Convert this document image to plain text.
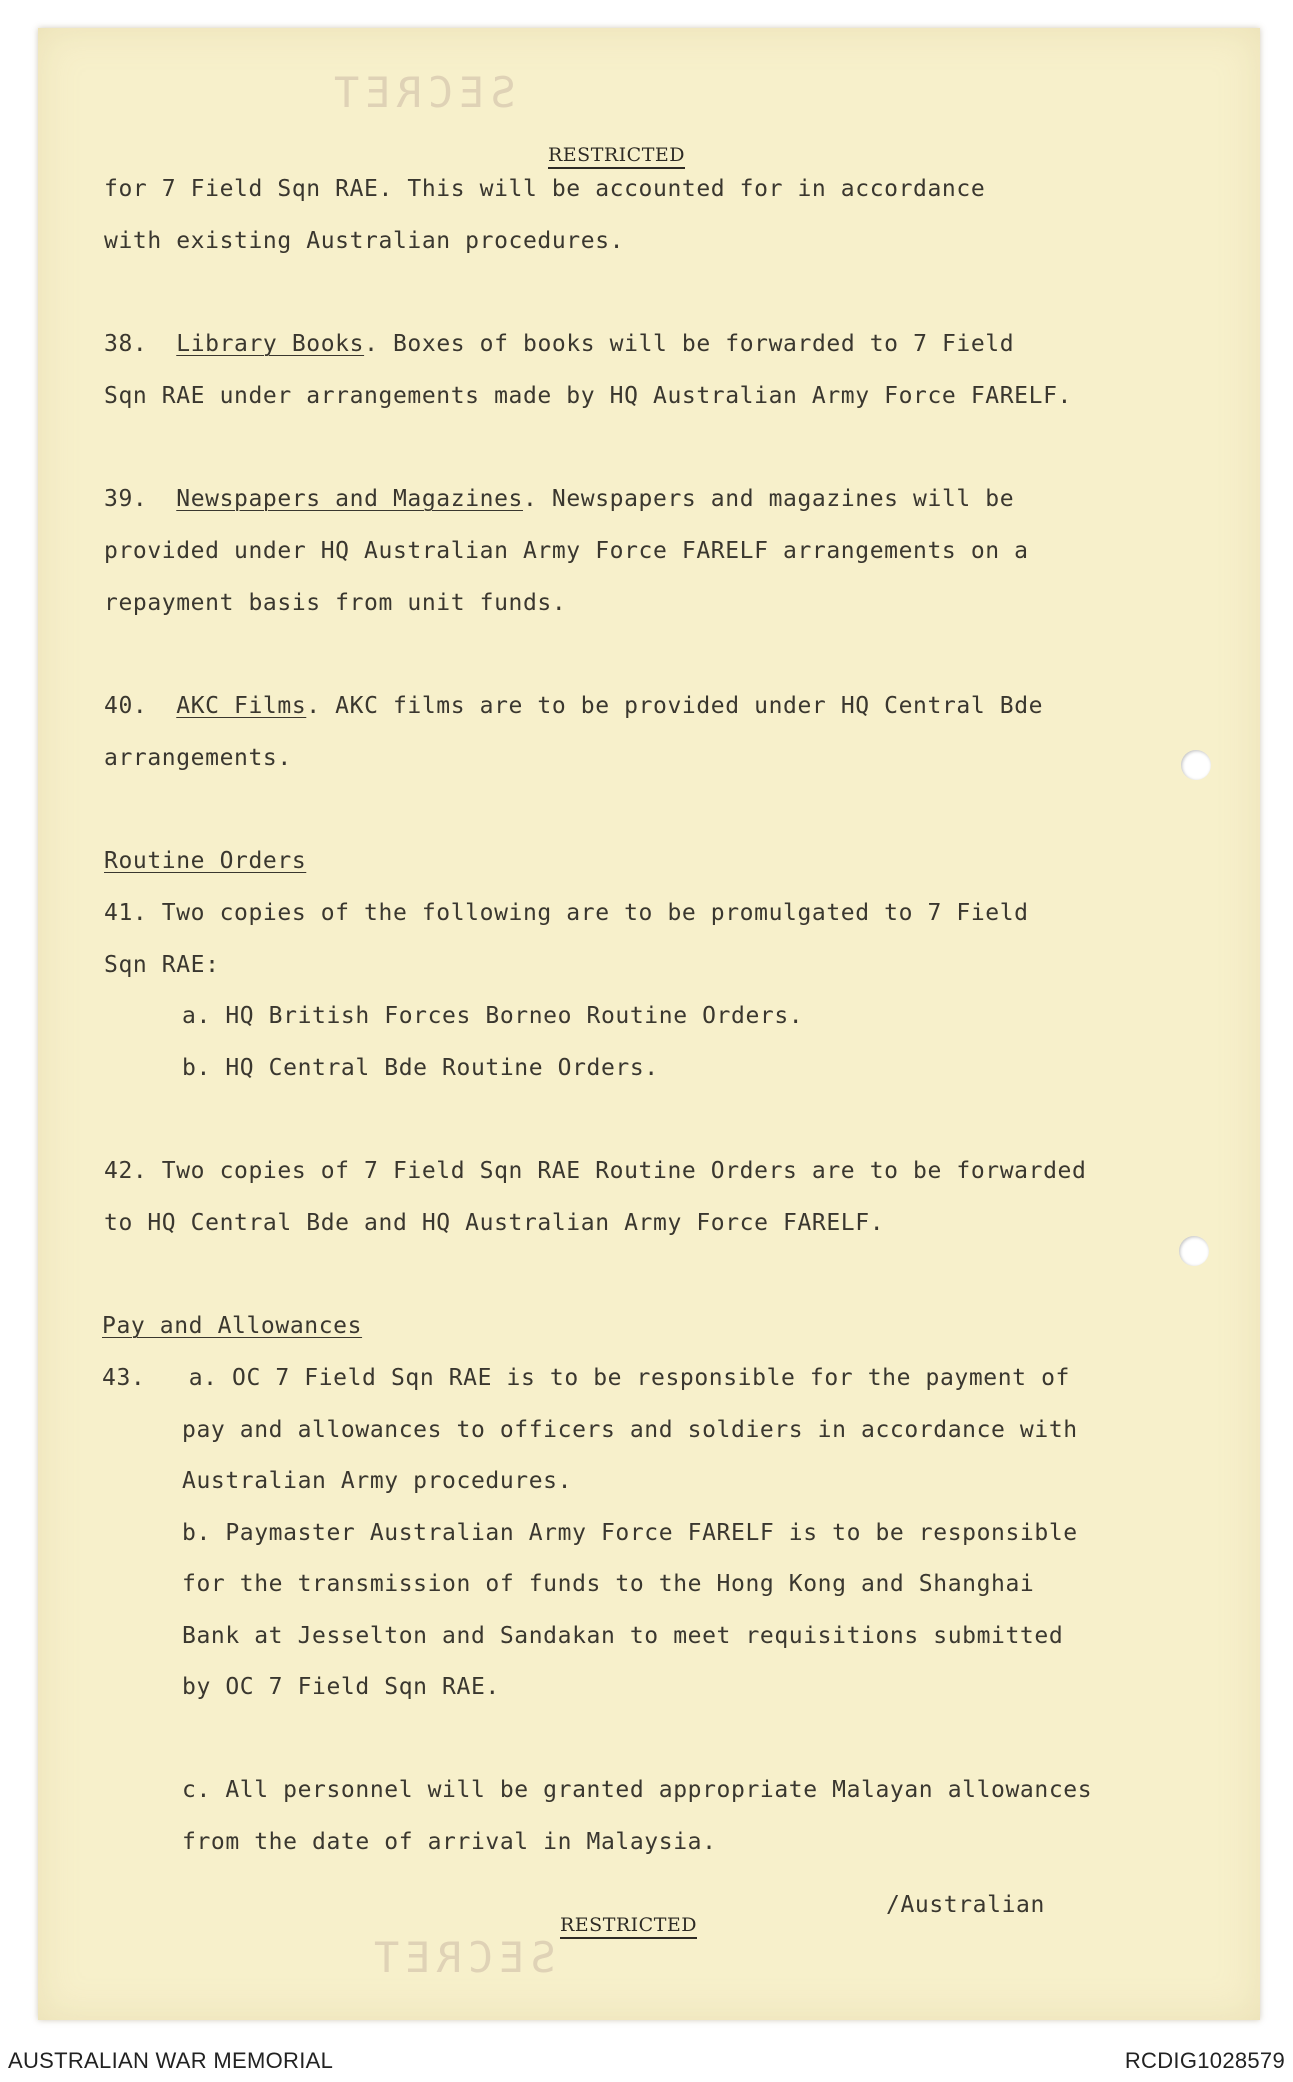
SECRET
SECRET
RESTRICTED
for 7 Field Sqn RAE. This will be accounted for in accordance
with existing Australian procedures.
38. Library Books. Boxes of books will be forwarded to 7 Field
Sqn RAE under arrangements made by HQ Australian Army Force FARELF.
39. Newspapers and Magazines. Newspapers and magazines will be
provided under HQ Australian Army Force FARELF arrangements on a
repayment basis from unit funds.
40. AKC Films. AKC films are to be provided under HQ Central Bde
arrangements.
Routine Orders
41. Two copies of the following are to be promulgated to 7 Field
Sqn RAE:
a. HQ British Forces Borneo Routine Orders.
b. HQ Central Bde Routine Orders.
42. Two copies of 7 Field Sqn RAE Routine Orders are to be forwarded
to HQ Central Bde and HQ Australian Army Force FARELF.
Pay and Allowances
43. a. OC 7 Field Sqn RAE is to be responsible for the payment of
pay and allowances to officers and soldiers in accordance with
Australian Army procedures.
b. Paymaster Australian Army Force FARELF is to be responsible
for the transmission of funds to the Hong Kong and Shanghai
Bank at Jesselton and Sandakan to meet requisitions submitted
by OC 7 Field Sqn RAE.
c. All personnel will be granted appropriate Malayan allowances
from the date of arrival in Malaysia.
/Australian
RESTRICTED
AUSTRALIAN WAR MEMORIAL	RCDIG1028579
